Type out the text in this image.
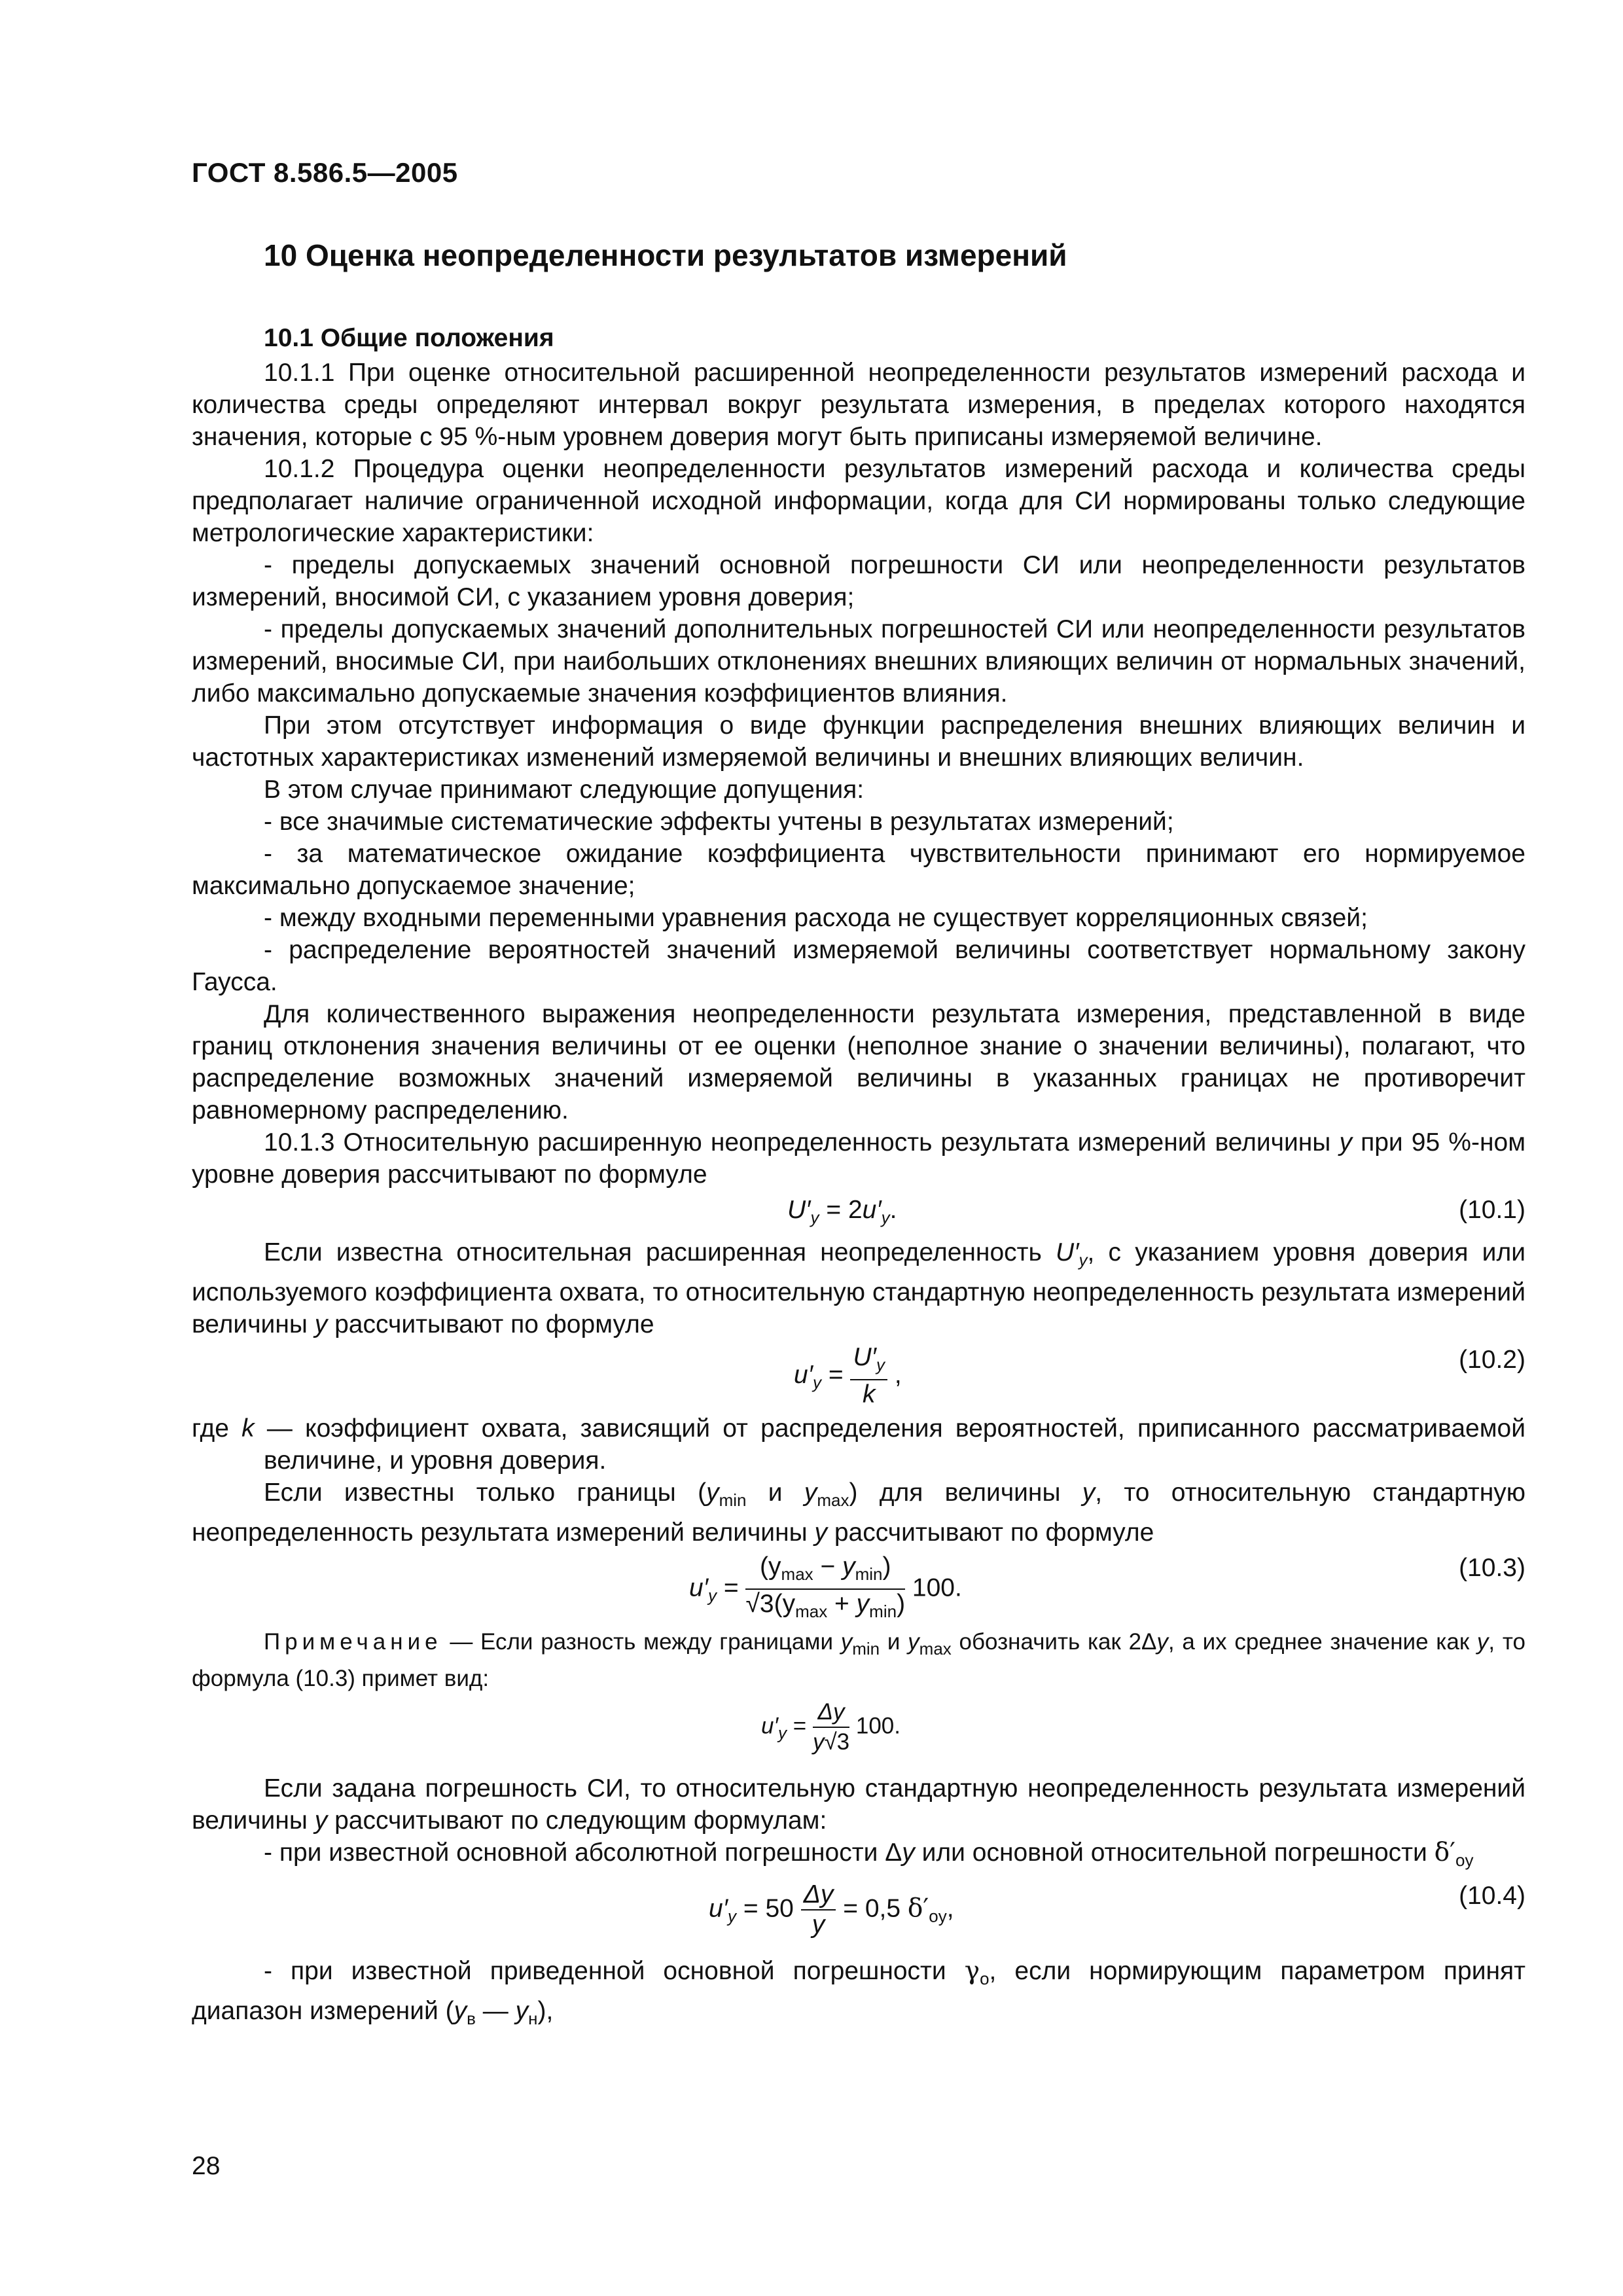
ГОСТ 8.586.5—2005
10 Оценка неопределенности результатов измерений
10.1 Общие положения

10.1.1 При оценке относительной расширенной неопределенности результатов измерений расхода и количества среды определяют интервал вокруг результата измерения, в пределах которого находятся значения, которые с 95 %-ным уровнем доверия могут быть приписаны измеряемой величине.

10.1.2 Процедура оценки неопределенности результатов измерений расхода и количества среды предполагает наличие ограниченной исходной информации, когда для СИ нормированы только следующие метрологические характеристики:

- пределы допускаемых значений основной погрешности СИ или неопределенности результатов измерений, вносимой СИ, с указанием уровня доверия;

- пределы допускаемых значений дополнительных погрешностей СИ или неопределенности результатов измерений, вносимые СИ, при наибольших отклонениях внешних влияющих величин от нормальных значений, либо максимально допускаемые значения коэффициентов влияния.

При этом отсутствует информация о виде функции распределения внешних влияющих величин и частотных характеристиках изменений измеряемой величины и внешних влияющих величин.

В этом случае принимают следующие допущения:

- все значимые систематические эффекты учтены в результатах измерений;

- за математическое ожидание коэффициента чувствительности принимают его нормируемое максимально допускаемое значение;

- между входными переменными уравнения расхода не существует корреляционных связей;

- распределение вероятностей значений измеряемой величины соответствует нормальному закону Гаусса.

Для количественного выражения неопределенности результата измерения, представленной в виде границ отклонения значения величины от ее оценки (неполное знание о значении величины), полагают, что распределение возможных значений измеряемой величины в указанных границах не противоречит равномерному распределению.

10.1.3 Относительную расширенную неопределенность результата измерений величины y при 95 %-ном уровне доверия рассчитывают по формуле

$U'_y = 2u'_y$.	(10.1)

Если известна относительная расширенная неопределенность $U'_y$, с указанием уровня доверия или используемого коэффициента охвата, то относительную стандартную неопределенность результата измерений величины y рассчитывают по формуле

$u'_y = \frac{U'_y}{k}$ ,
(10.2)

где k — коэффициент охвата, зависящий от распределения вероятностей, приписанного рассматриваемой величине, и уровня доверия.

Если известны только границы ($y_{min}$ и $y_{max}$) для величины y, то относительную стандартную неопределенность результата измерений величины y рассчитывают по формуле

$u'_y = \frac{(y_{max} - y_{min})}{√3(y_{max} + y_{min})} 100$.
(10.3)

Примечание — Если разность между границами $y_{min}$ и $y_{max}$ обозначить как 2Δy, а их среднее значение как y, то формула (10.3) примет вид:

$u'_y = \frac{\Delta y}{y√3} 100$.

Если задана погрешность СИ, то относительную стандартную неопределенность результата измерений величины y рассчитывают по следующим формулам:

- при известной основной абсолютной погрешности Δy или основной относительной погрешности $\delta'_{оy}$

$u'_y = 50 \frac{\Delta y}{y} = 0,5$ $\delta'_{оy}$,	(10.4)

- при известной приведенной основной погрешности $\gamma_о$, если нормирующим параметром принят диапазон измерений ($y_в$ — $y_н$),

28
